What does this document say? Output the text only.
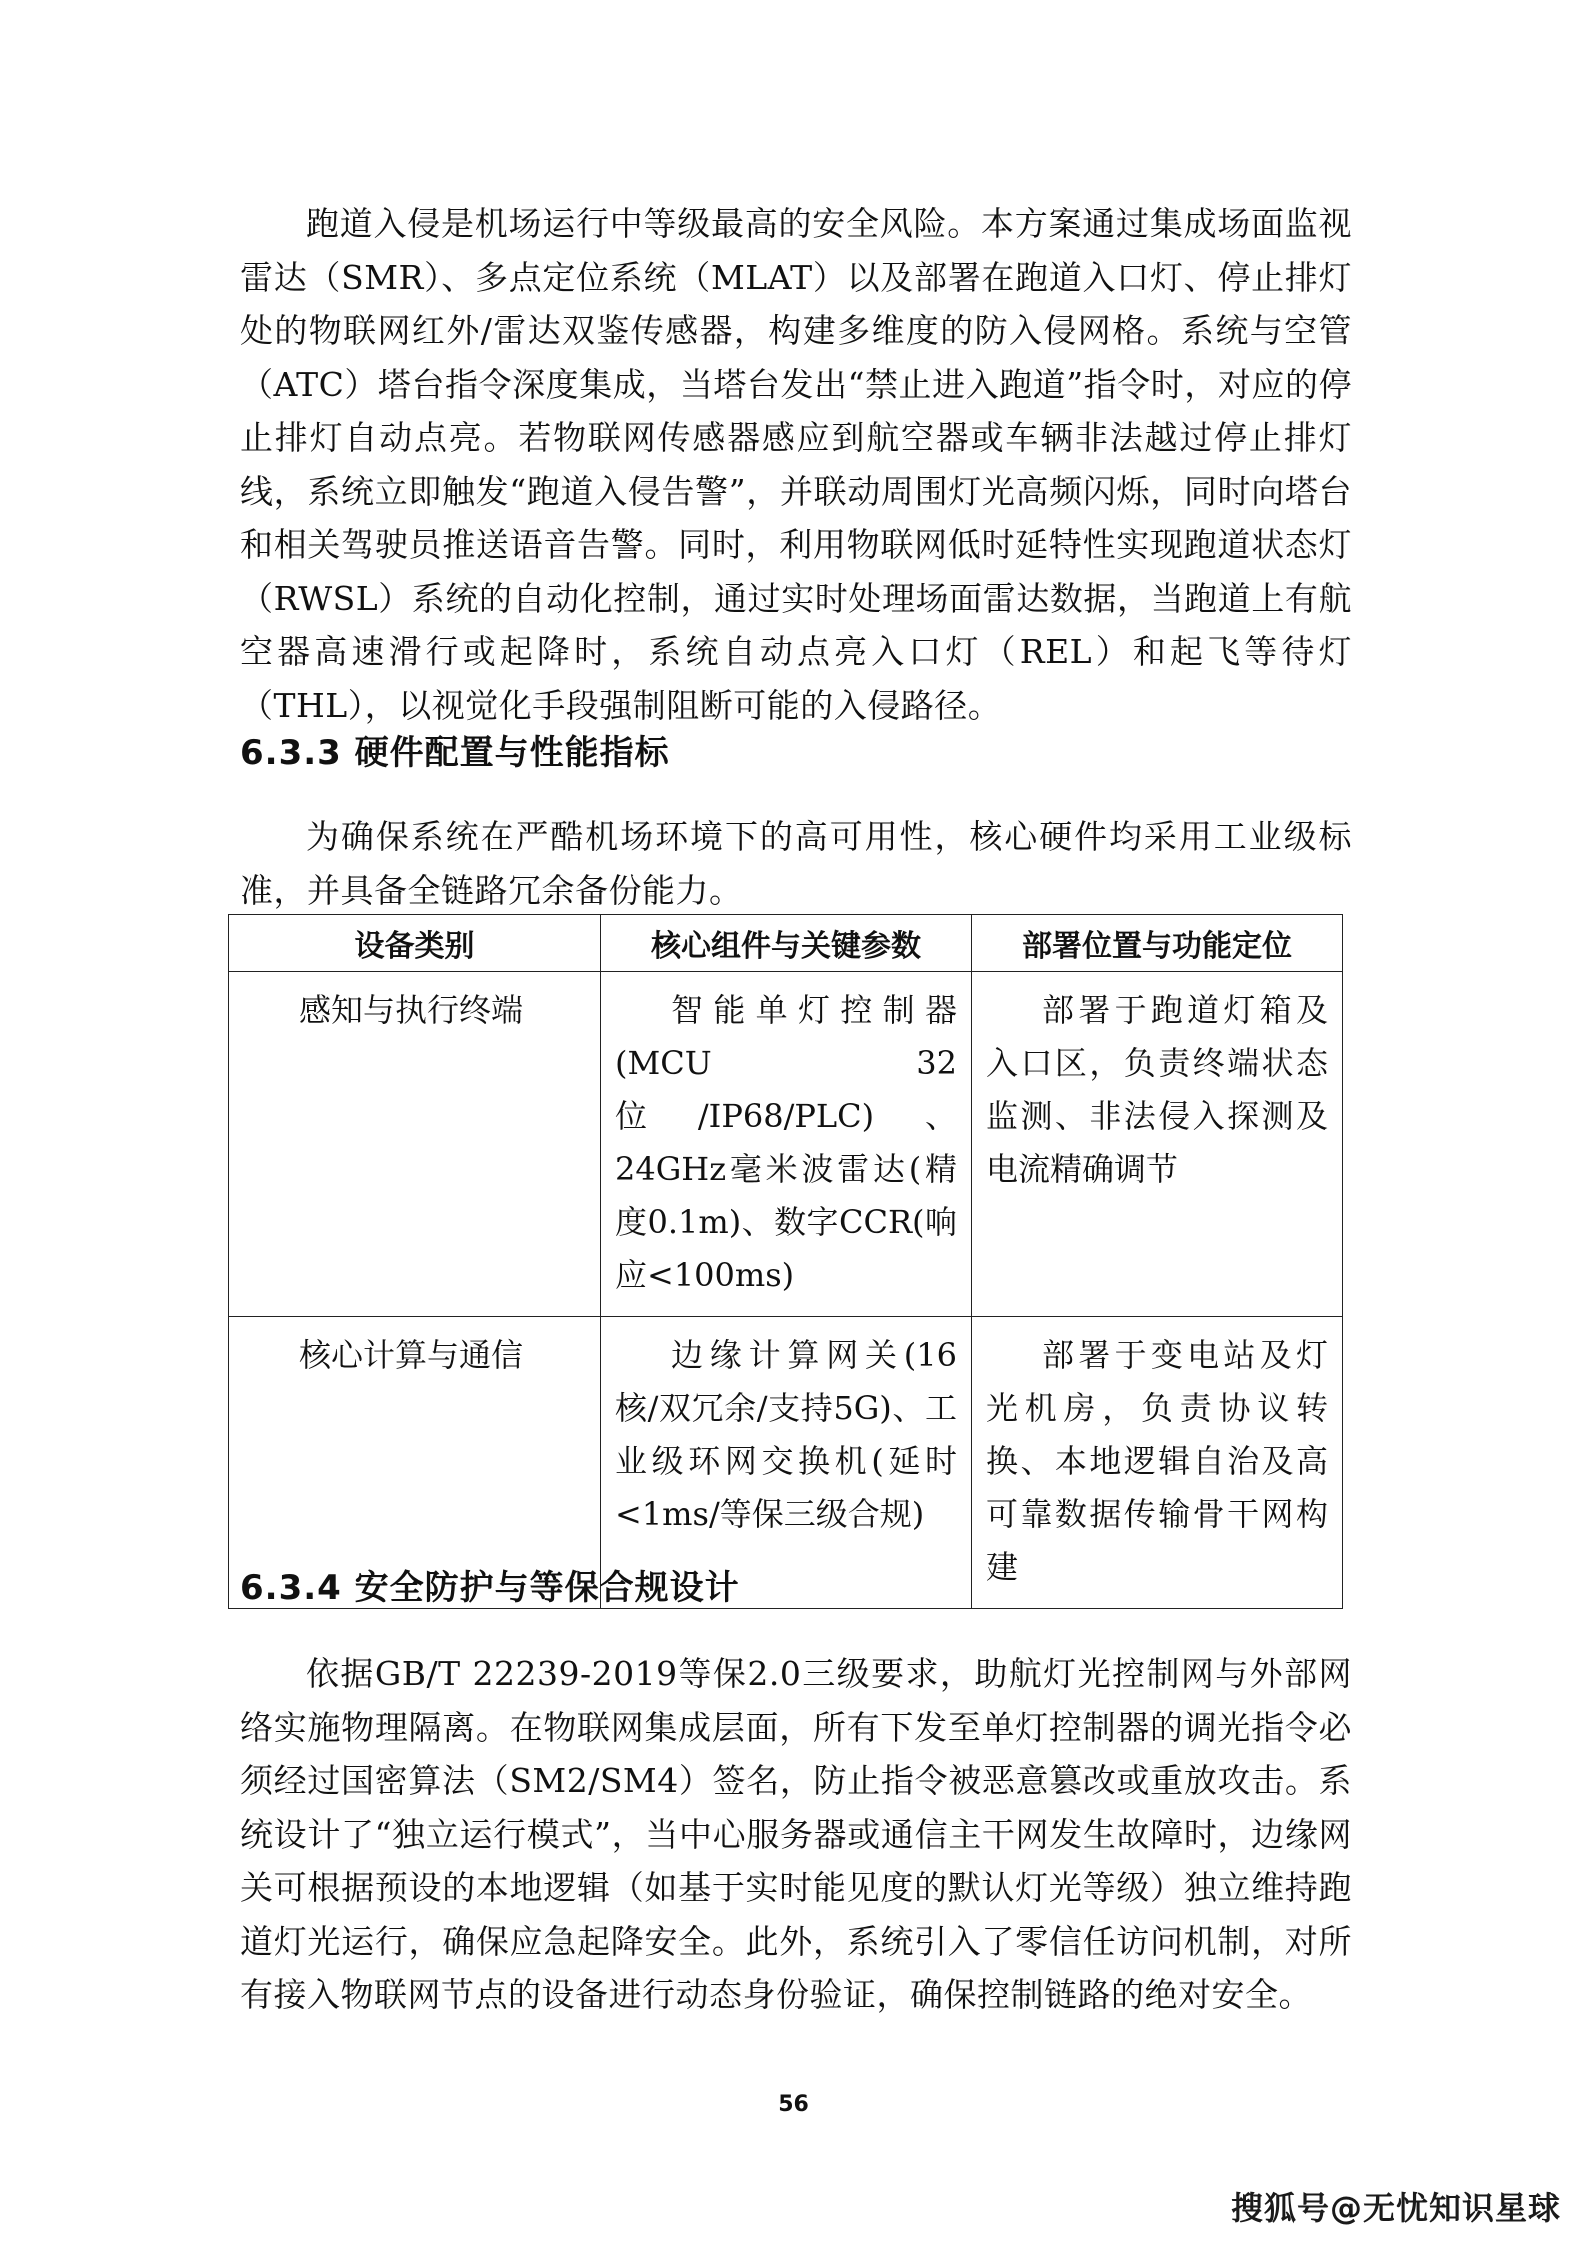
跑道入侵是机场运行中等级最高的安全风险。本方案通过集成场面监视雷达（SMR）、多点定位系统（MLAT）以及部署在跑道入口灯、停止排灯处的物联网红外/雷达双鉴传感器，构建多维度的防入侵网格。系统与空管（ATC）塔台指令深度集成，当塔台发出“禁止进入跑道”指令时，对应的停止排灯自动点亮。若物联网传感器感应到航空器或车辆非法越过停止排灯线，系统立即触发“跑道入侵告警”，并联动周围灯光高频闪烁，同时向塔台和相关驾驶员推送语音告警。同时，利用物联网低时延特性实现跑道状态灯（RWSL）系统的自动化控制，通过实时处理场面雷达数据，当跑道上有航空器高速滑行或起降时，系统自动点亮入口灯（REL）和起飞等待灯（THL），以视觉化手段强制阻断可能的入侵路径。

6.3.3 硬件配置与性能指标

为确保系统在严酷机场环境下的高可用性，核心硬件均采用工业级标准，并具备全链路冗余备份能力。

设备类别	核心组件与关键参数	部署位置与功能定位
感知与执行终端	智能单灯控制器(MCU 32位/IP68/PLC)、24GHz毫米波雷达(精度0.1m)、数字CCR(响应<100ms)	部署于跑道灯箱及入口区，负责终端状态监测、非法侵入探测及电流精确调节
核心计算与通信	边缘计算网关(16核/双冗余/支持5G)、工业级环网交换机(延时<1ms/等保三级合规)	部署于变电站及灯光机房，负责协议转换、本地逻辑自治及高可靠数据传输骨干网构建
6.3.4 安全防护与等保合规设计

依据GB/T 22239-2019等保2.0三级要求，助航灯光控制网与外部网络实施物理隔离。在物联网集成层面，所有下发至单灯控制器的调光指令必须经过国密算法（SM2/SM4）签名，防止指令被恶意篡改或重放攻击。系统设计了“独立运行模式”，当中心服务器或通信主干网发生故障时，边缘网关可根据预设的本地逻辑（如基于实时能见度的默认灯光等级）独立维持跑道灯光运行，确保应急起降安全。此外，系统引入了零信任访问机制，对所有接入物联网节点的设备进行动态身份验证，确保控制链路的绝对安全。

56
搜狐号@无忧知识星球
